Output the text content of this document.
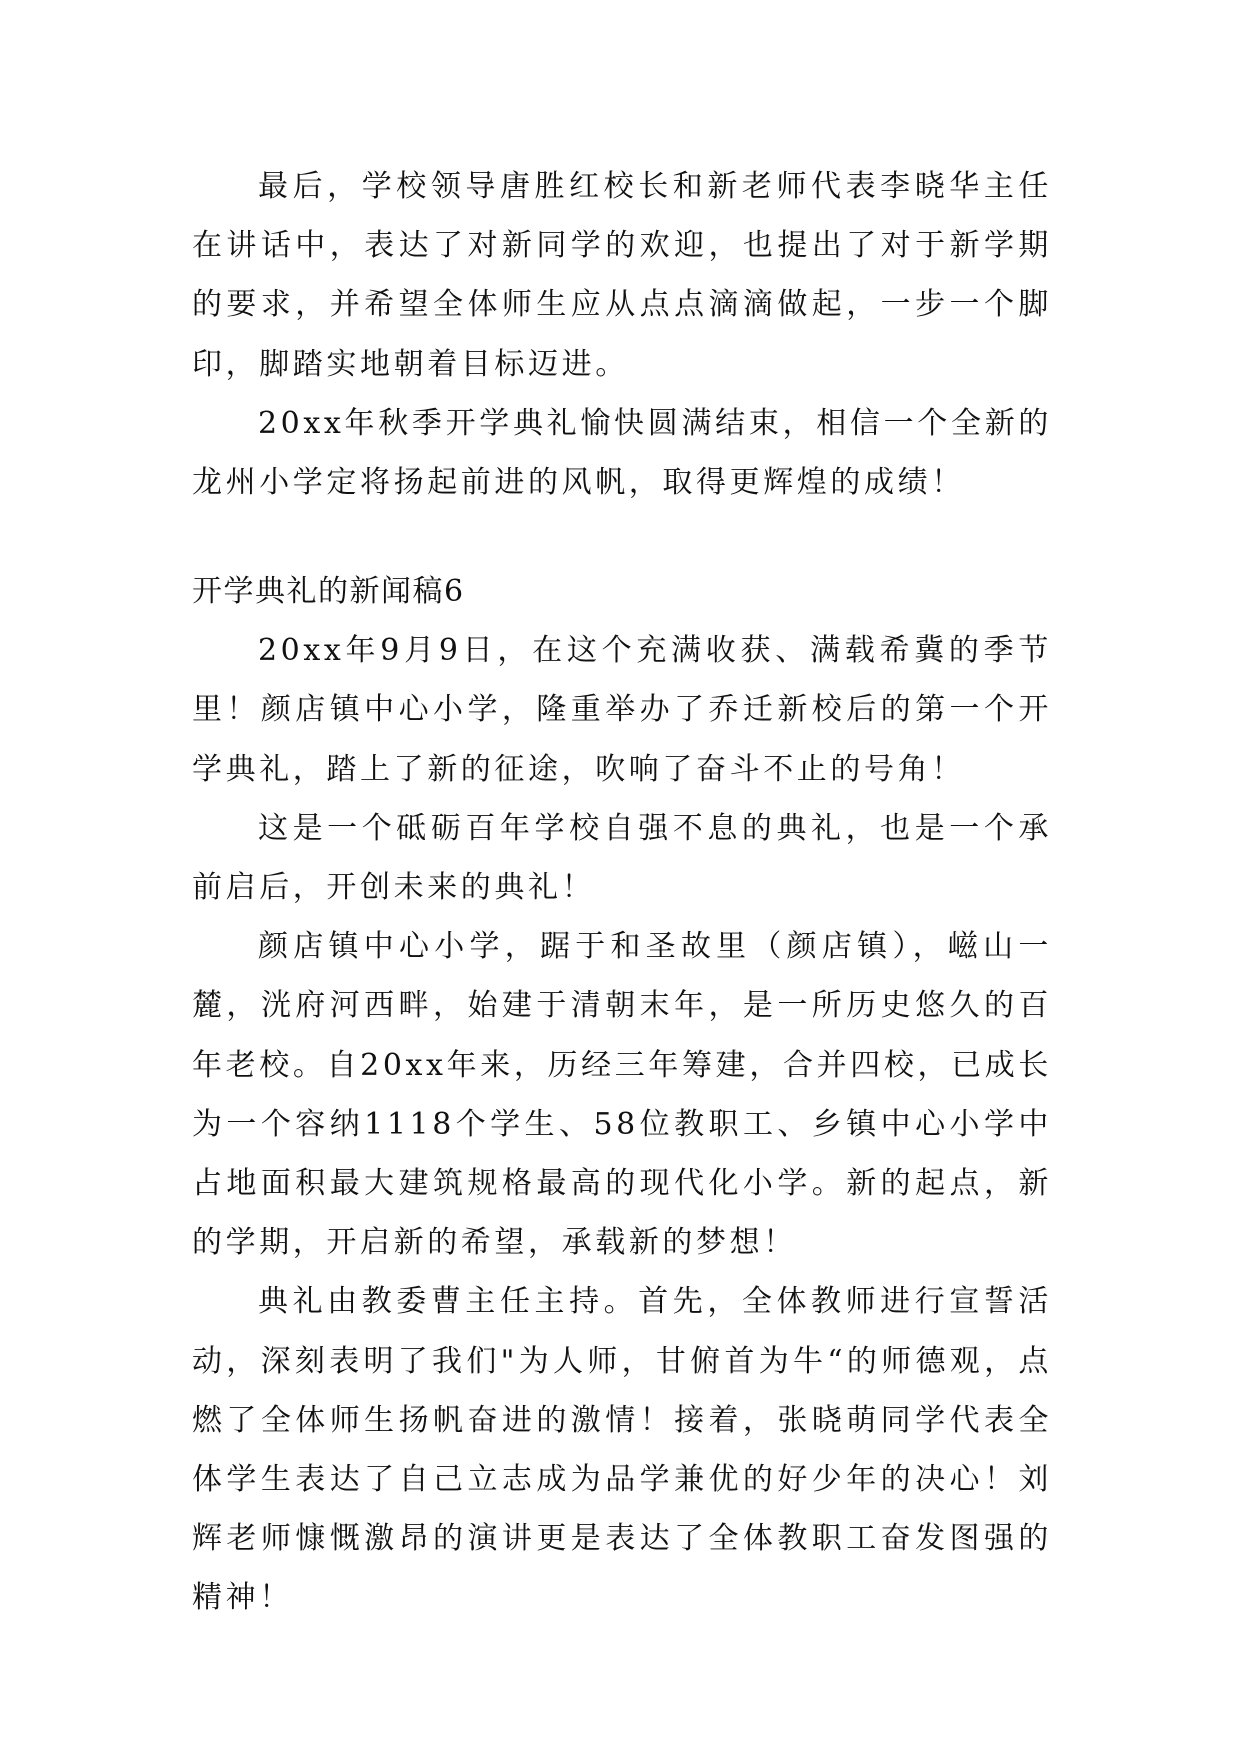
最后，学校领导唐胜红校长和新老师代表李晓华主任在讲话中，表达了对新同学的欢迎，也提出了对于新学期的要求，并希望全体师生应从点点滴滴做起，一步一个脚印，脚踏实地朝着目标迈进。

20xx年秋季开学典礼愉快圆满结束，相信一个全新的龙州小学定将扬起前进的风帆，取得更辉煌的成绩！

开学典礼的新闻稿6

20xx年9月9日，在这个充满收获、满载希冀的季节里！颜店镇中心小学，隆重举办了乔迁新校后的第一个开学典礼，踏上了新的征途，吹响了奋斗不止的号角！

这是一个砥砺百年学校自强不息的典礼，也是一个承前启后，开创未来的典礼！

颜店镇中心小学，踞于和圣故里（颜店镇），嵫山一麓，洸府河西畔，始建于清朝末年，是一所历史悠久的百年老校。自20xx年来，历经三年筹建，合并四校，已成长为一个容纳1118个学生、58位教职工、乡镇中心小学中占地面积最大建筑规格最高的现代化小学。新的起点，新的学期，开启新的希望，承载新的梦想！

典礼由教委曹主任主持。首先，全体教师进行宣誓活动，深刻表明了我们"为人师，甘俯首为牛“的师德观，点燃了全体师生扬帆奋进的激情！接着，张晓萌同学代表全体学生表达了自己立志成为品学兼优的好少年的决心！刘辉老师慷慨激昂的演讲更是表达了全体教职工奋发图强的精神！
